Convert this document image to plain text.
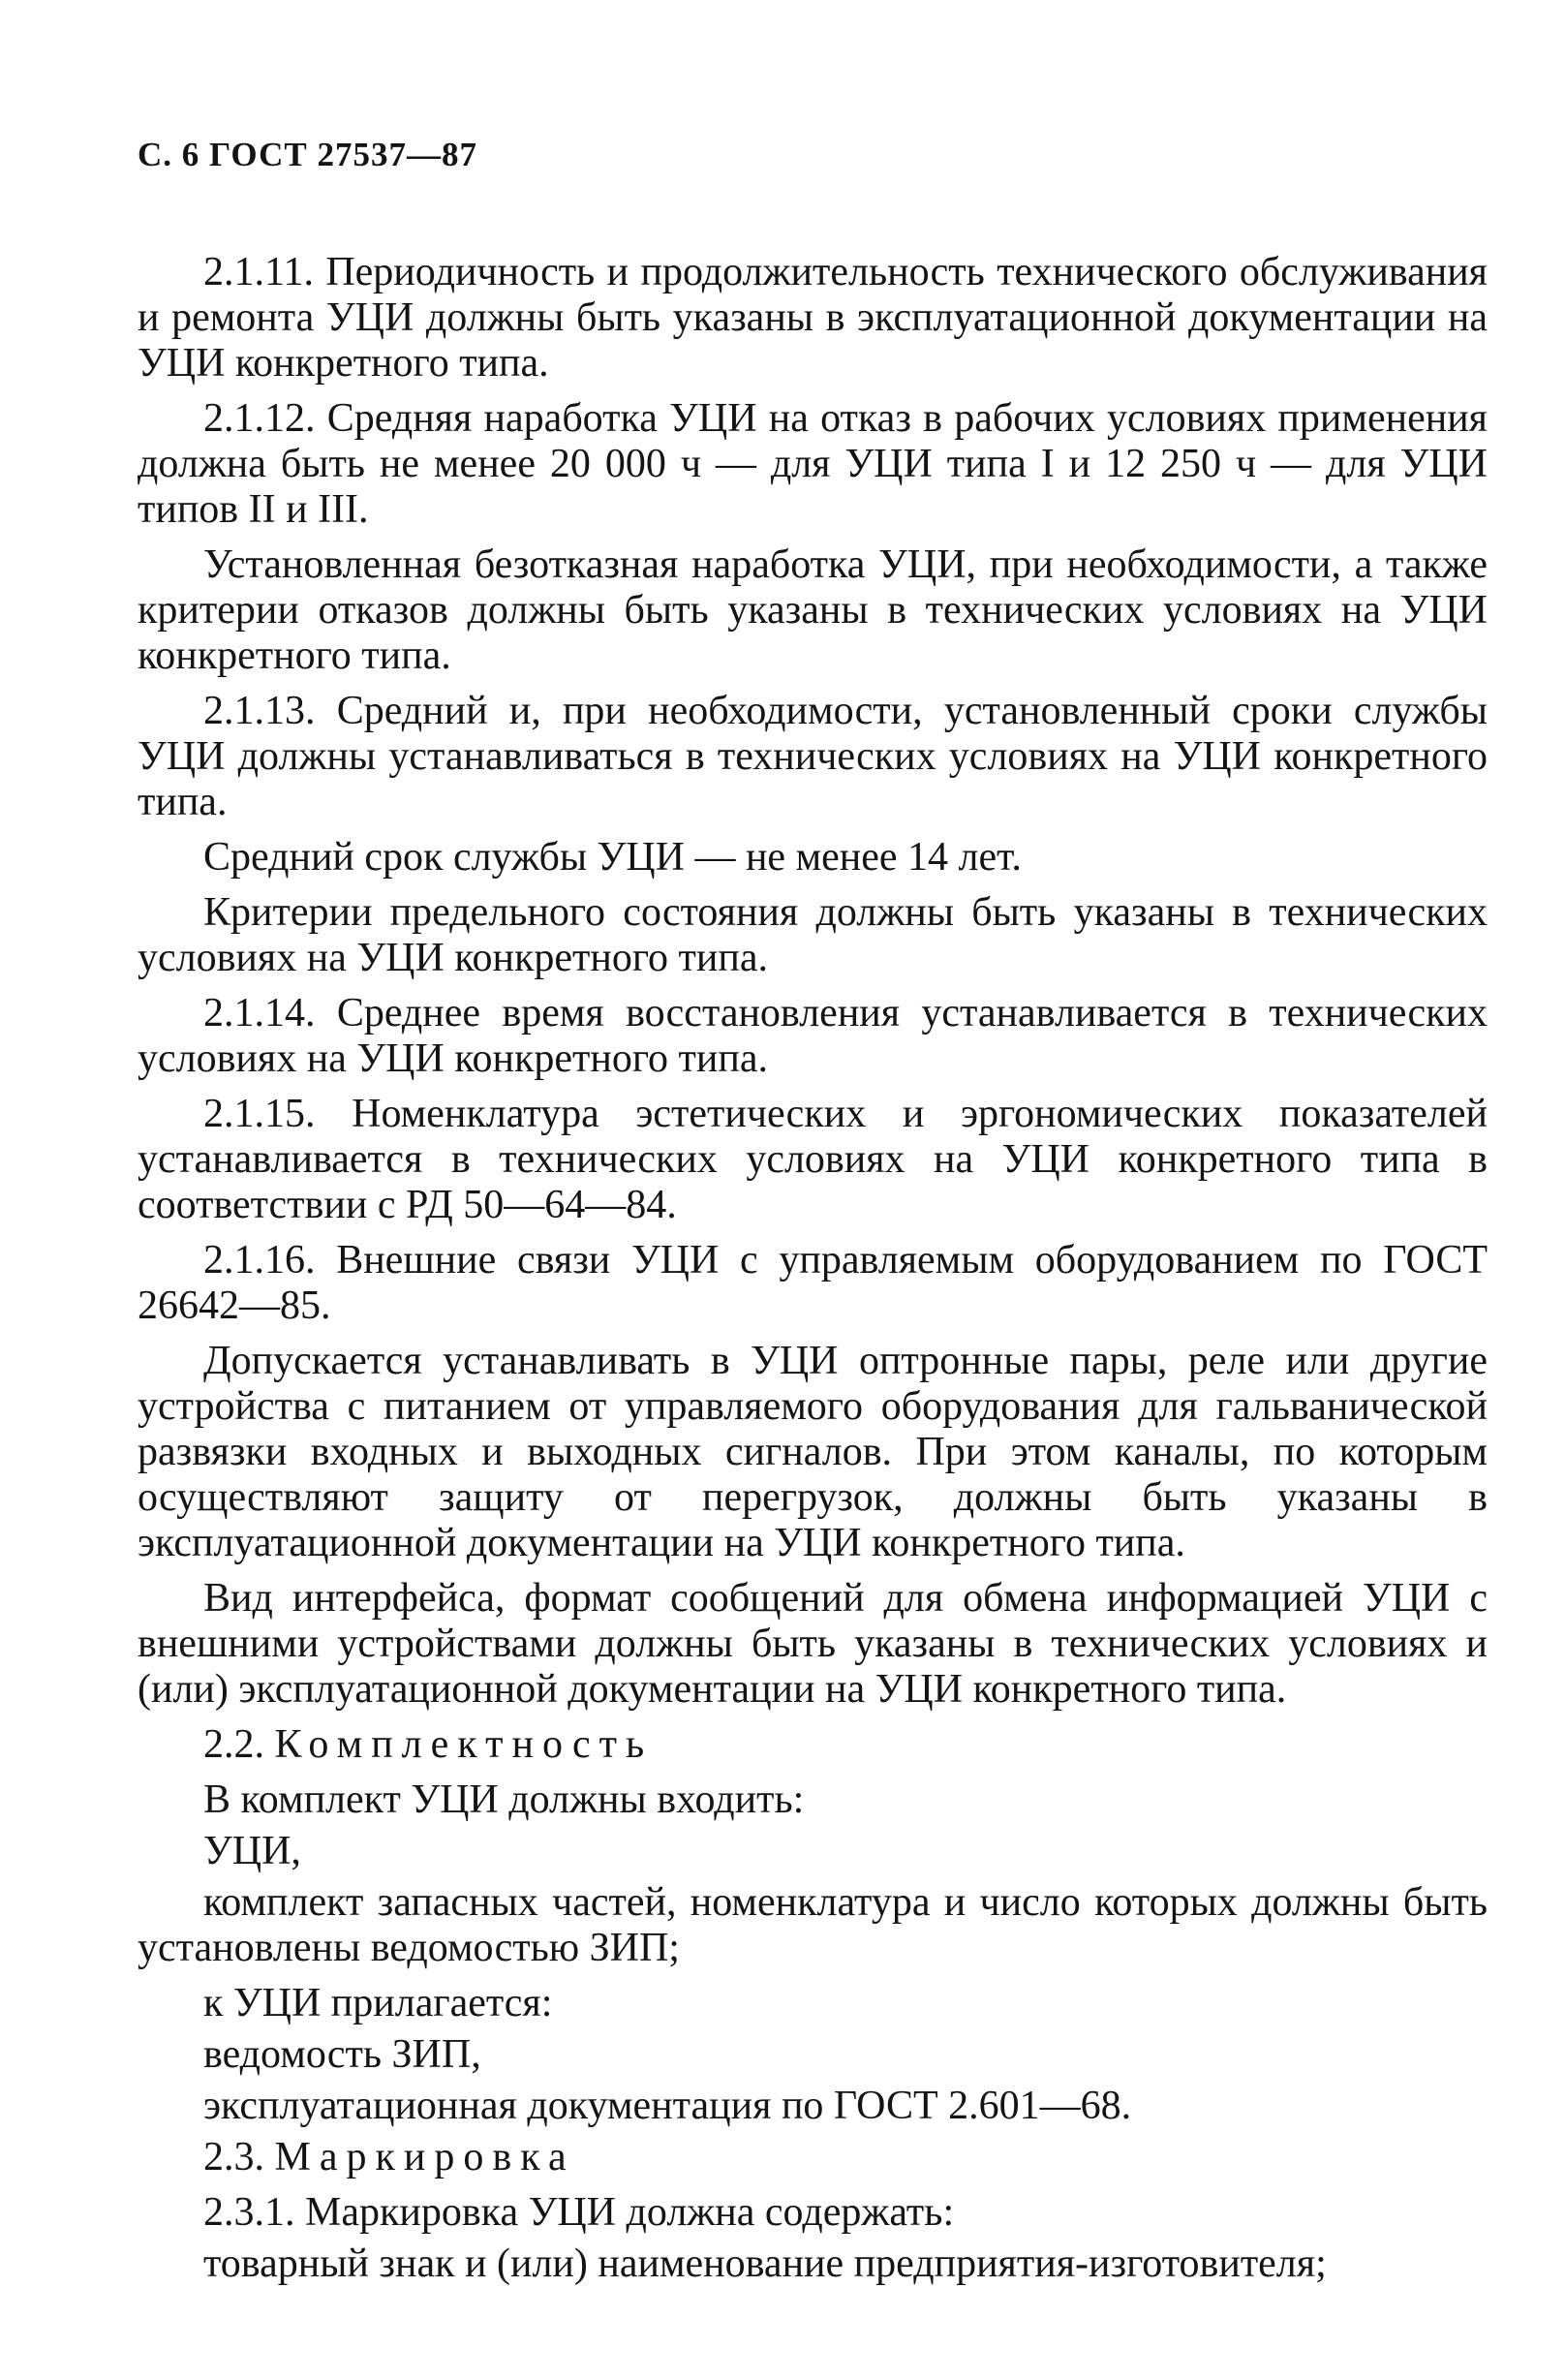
С. 6 ГОСТ 27537—87

2.1.11. Периодичность и продолжительность технического обслуживания и ремонта УЦИ должны быть указаны в эксплуатационной документации на УЦИ конкретного типа.

2.1.12. Средняя наработка УЦИ на отказ в рабочих условиях применения должна быть не менее 20 000 ч — для УЦИ типа I и 12 250 ч — для УЦИ типов II и III.

Установленная безотказная наработка УЦИ, при необходимости, а также критерии отказов должны быть указаны в технических условиях на УЦИ конкретного типа.

2.1.13. Средний и, при необходимости, установленный сроки службы УЦИ должны устанавливаться в технических условиях на УЦИ конкретного типа.

Средний срок службы УЦИ — не менее 14 лет.

Критерии предельного состояния должны быть указаны в технических условиях на УЦИ конкретного типа.

2.1.14. Среднее время восстановления устанавливается в технических условиях на УЦИ конкретного типа.

2.1.15. Номенклатура эстетических и эргономических показателей устанавливается в технических условиях на УЦИ конкретного типа в соответствии с РД 50—64—84.

2.1.16. Внешние связи УЦИ с управляемым оборудованием по ГОСТ 26642—85.

Допускается устанавливать в УЦИ оптронные пары, реле или другие устройства с питанием от управляемого оборудования для гальванической развязки входных и выходных сигналов. При этом каналы, по которым осуществляют защиту от перегрузок, должны быть указаны в эксплуатационной документации на УЦИ конкретного типа.

Вид интерфейса, формат сообщений для обмена информацией УЦИ с внешними устройствами должны быть указаны в технических условиях и (или) эксплуатационной документации на УЦИ конкретного типа.

2.2. Комплектность

В комплект УЦИ должны входить:
УЦИ,

комплект запасных частей, номенклатура и число которых должны быть установлены ведомостью ЗИП;

к УЦИ прилагается:
ведомость ЗИП,
эксплуатационная документация по ГОСТ 2.601—68.

2.3. Маркировка

2.3.1. Маркировка УЦИ должна содержать:

товарный знак и (или) наименование предприятия-изготовителя;
